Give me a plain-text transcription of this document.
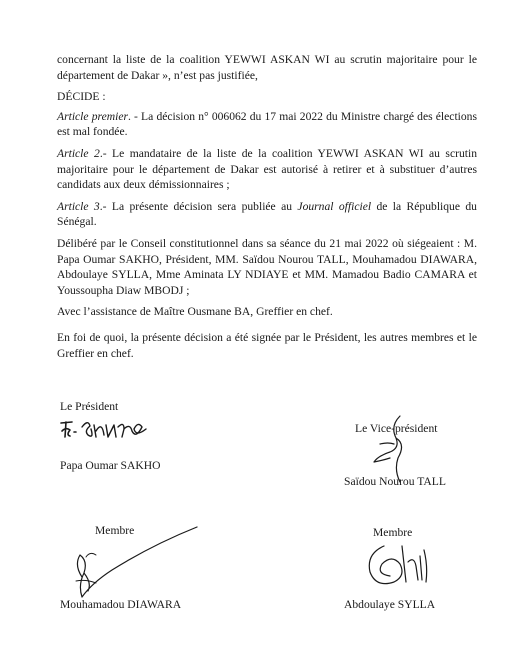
concernant la liste de la coalition YEWWI ASKAN WI au scrutin majoritaire pour le département de Dakar », n’est pas justifiée,

DÉCIDE :

Article premier. - La décision n° 006062 du 17 mai 2022 du Ministre chargé des élections est mal fondée.

Article 2.- Le mandataire de la liste de la coalition YEWWI ASKAN WI au scrutin majoritaire pour le département de Dakar est autorisé à retirer et à substituer d’autres candidats aux deux démissionnaires ;

Article 3.- La présente décision sera publiée au Journal officiel de la République du Sénégal.

Délibéré par le Conseil constitutionnel dans sa séance du 21 mai 2022 où siégeaient : M. Papa Oumar SAKHO, Président, MM. Saïdou Nourou TALL, Mouhamadou DIAWARA, Abdoulaye SYLLA, Mme Aminata LY NDIAYE et MM. Mamadou Badio CAMARA et Youssoupha Diaw MBODJ ;

Avec l’assistance de Maître Ousmane BA, Greffier en chef.

En foi de quoi, la présente décision a été signée par le Président, les autres membres et le Greffier en chef.

Le Président
Papa Oumar SAKHO
Le Vice-président
Saïdou Nourou TALL
Membre
Mouhamadou DIAWARA
Membre
Abdoulaye SYLLA
